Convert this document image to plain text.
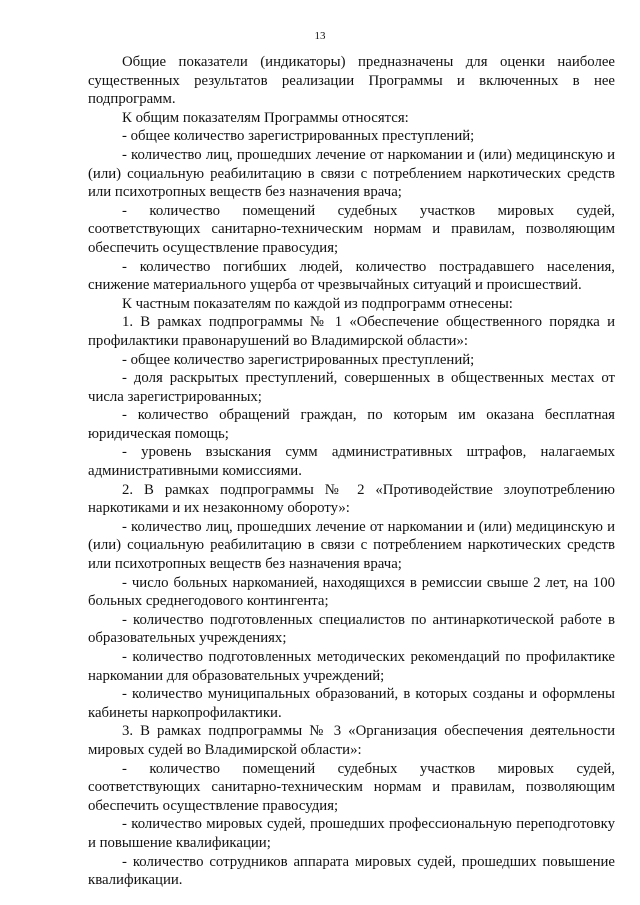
13

Общие показатели (индикаторы) предназначены для оценки наиболее существенных результатов реализации Программы и включенных в нее подпрограмм.

К общим показателям Программы относятся:

- общее количество зарегистрированных преступлений;

- количество лиц, прошедших лечение от наркомании и (или) медицинскую и (или) социальную реабилитацию в связи с потреблением наркотических средств или психотропных веществ без назначения врача;

- количество помещений судебных участков мировых судей, соответствующих санитарно-техническим нормам и правилам, позволяющим обеспечить осуществление правосудия;

- количество погибших людей, количество пострадавшего населения, снижение материального ущерба от чрезвычайных ситуаций и происшествий.

К частным показателям по каждой из подпрограмм отнесены:

1. В рамках подпрограммы № 1 «Обеспечение общественного порядка и профилактики правонарушений во Владимирской области»:

- общее количество зарегистрированных преступлений;

- доля раскрытых преступлений, совершенных в общественных местах от числа зарегистрированных;

- количество обращений граждан, по которым им оказана бесплатная юридическая помощь;

- уровень взыскания сумм административных штрафов, налагаемых административными комиссиями.

2. В рамках подпрограммы № 2 «Противодействие злоупотреблению наркотиками и их незаконному обороту»:

- количество лиц, прошедших лечение от наркомании и (или) медицинскую и (или) социальную реабилитацию в связи с потреблением наркотических средств или психотропных веществ без назначения врача;

- число больных наркоманией, находящихся в ремиссии свыше 2 лет, на 100 больных среднегодового контингента;

- количество подготовленных специалистов по антинаркотической работе в образовательных учреждениях;

- количество подготовленных методических рекомендаций по профилактике наркомании для образовательных учреждений;

- количество муниципальных образований, в которых созданы и оформлены кабинеты наркопрофилактики.

3. В рамках подпрограммы № 3 «Организация обеспечения деятельности мировых судей во Владимирской области»:

- количество помещений судебных участков мировых судей, соответствующих санитарно-техническим нормам и правилам, позволяющим обеспечить осуществление правосудия;

- количество мировых судей, прошедших профессиональную переподготовку и повышение квалификации;

- количество сотрудников аппарата мировых судей, прошедших повышение квалификации.
